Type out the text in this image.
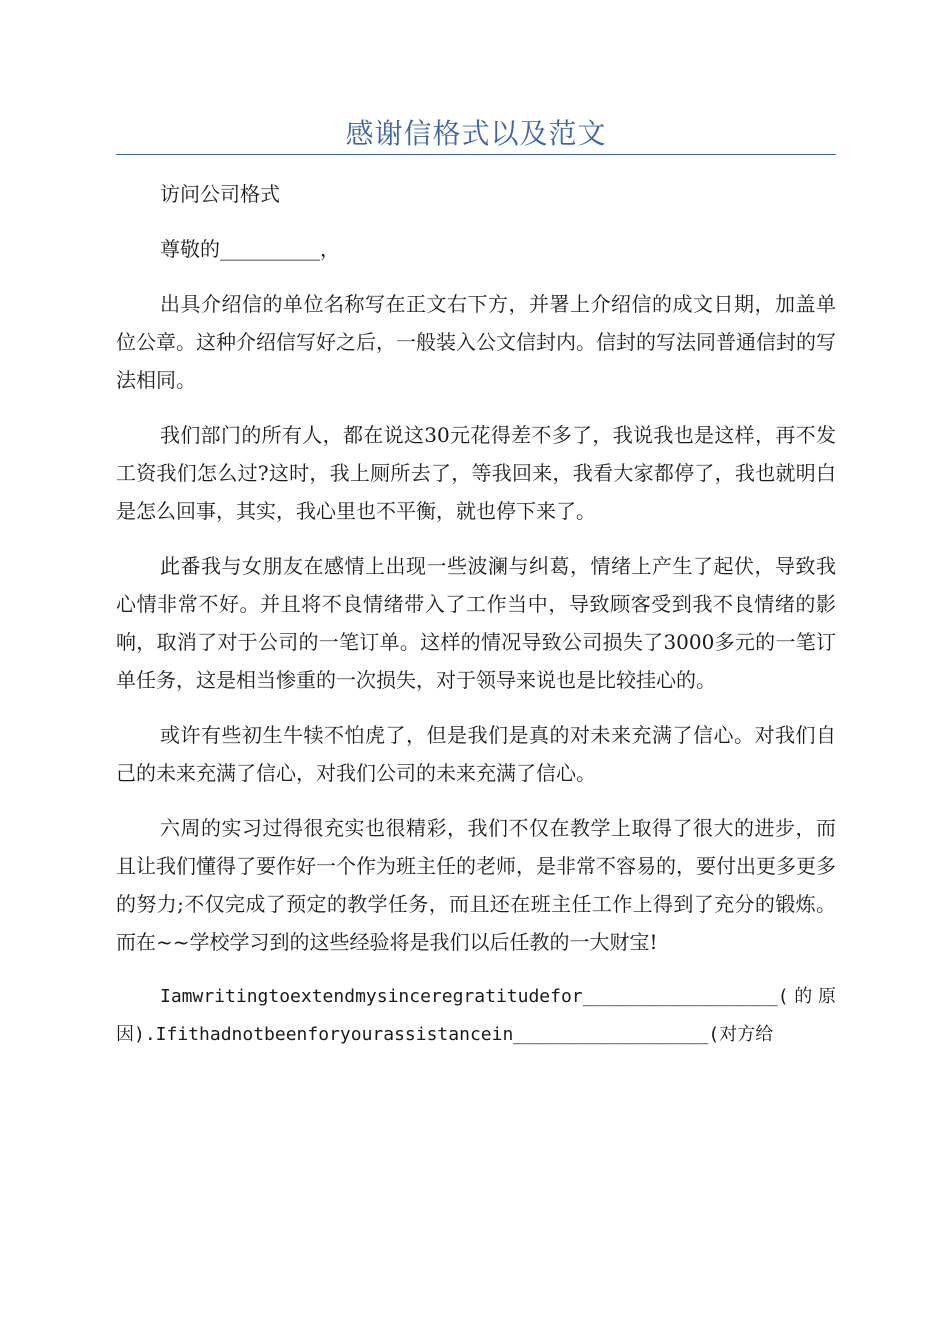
感谢信格式以及范文

访问公司格式

尊敬的__________，

出具介绍信的单位名称写在正文右下方，并署上介绍信的成文日期，加盖单位公章。这种介绍信写好之后，一般装入公文信封内。信封的写法同普通信封的写法相同。

我们部门的所有人，都在说这30元花得差不多了，我说我也是这样，再不发工资我们怎么过?这时，我上厕所去了，等我回来，我看大家都停了，我也就明白是怎么回事，其实，我心里也不平衡，就也停下来了。

此番我与女朋友在感情上出现一些波澜与纠葛，情绪上产生了起伏，导致我心情非常不好。并且将不良情绪带入了工作当中，导致顾客受到我不良情绪的影响，取消了对于公司的一笔订单。这样的情况导致公司损失了3000多元的一笔订单任务，这是相当惨重的一次损失，对于领导来说也是比较挂心的。

或许有些初生牛犊不怕虎了，但是我们是真的对未来充满了信心。对我们自己的未来充满了信心，对我们公司的未来充满了信心。

六周的实习过得很充实也很精彩，我们不仅在教学上取得了很大的进步，而且让我们懂得了要作好一个作为班主任的老师，是非常不容易的，要付出更多更多的努力;不仅完成了预定的教学任务，而且还在班主任工作上得到了充分的锻炼。而在~~学校学习到的这些经验将是我们以后任教的一大财宝!

Iamwritingtoextendmysinceregratitudefor__________________(的原因).Ifithadnotbeenforyourassistancein__________________(对方给
